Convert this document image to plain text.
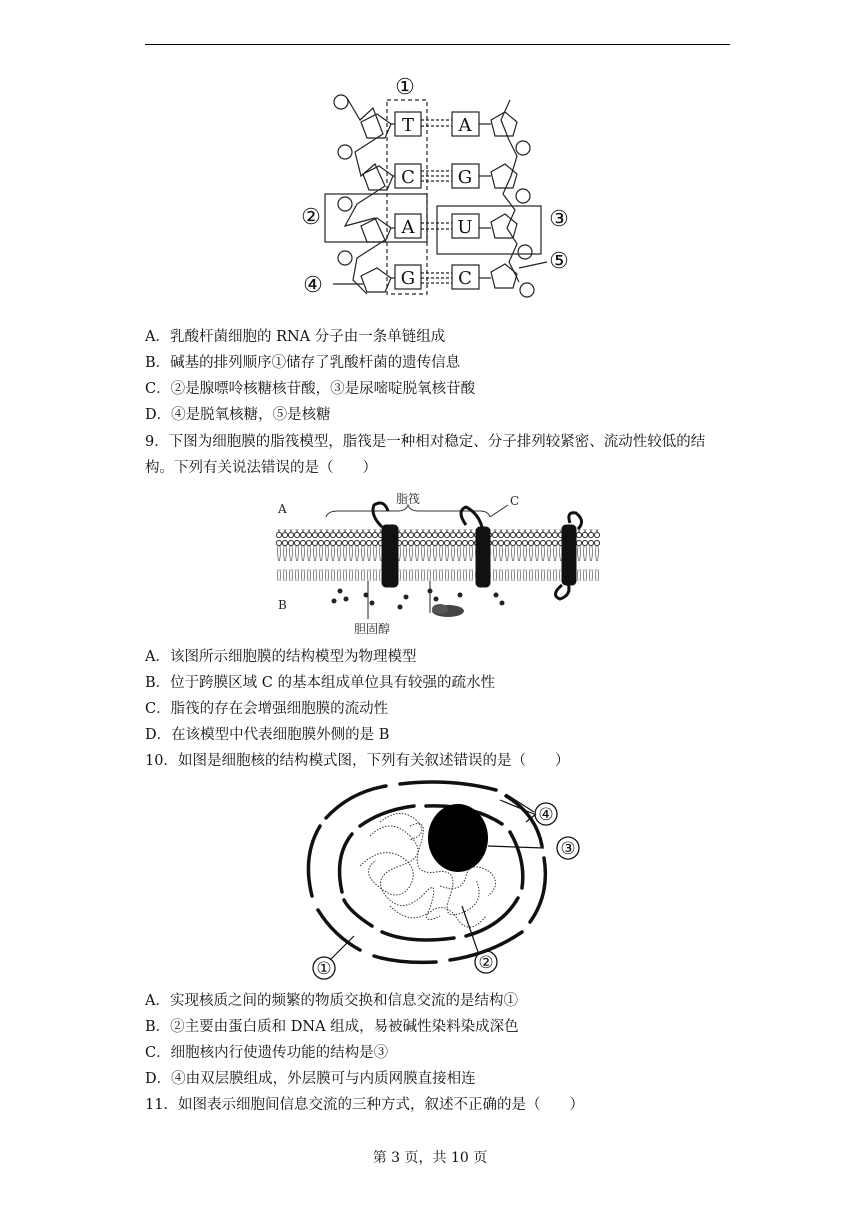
T
C
A
G
A
G
U
C
①
②	③
④
⑤
A．乳酸杆菌细胞的 RNA 分子由一条单链组成
B．碱基的排列顺序①储存了乳酸杆菌的遗传信息
C．②是腺嘌呤核糖核苷酸，③是尿嘧啶脱氧核苷酸
D．④是脱氧核糖，⑤是核糖
9．下图为细胞膜的脂筏模型，脂筏是一种相对稳定、分子排列较紧密、流动性较低的结构。下列有关说法错误的是（　　）
A
B
C
脂筏
胆固醇
A．该图所示细胞膜的结构模型为物理模型
B．位于跨膜区域 C 的基本组成单位具有较强的疏水性
C．脂筏的存在会增强细胞膜的流动性
D．在该模型中代表细胞膜外侧的是 B
10．如图是细胞核的结构模式图，下列有关叙述错误的是（　　）
④
③
①	②
A．实现核质之间的频繁的物质交换和信息交流的是结构①
B．②主要由蛋白质和 DNA 组成，易被碱性染料染成深色
C．细胞核内行使遗传功能的结构是③
D．④由双层膜组成，外层膜可与内质网膜直接相连
11．如图表示细胞间信息交流的三种方式，叙述不正确的是（　　）
第 3 页，共 10 页
